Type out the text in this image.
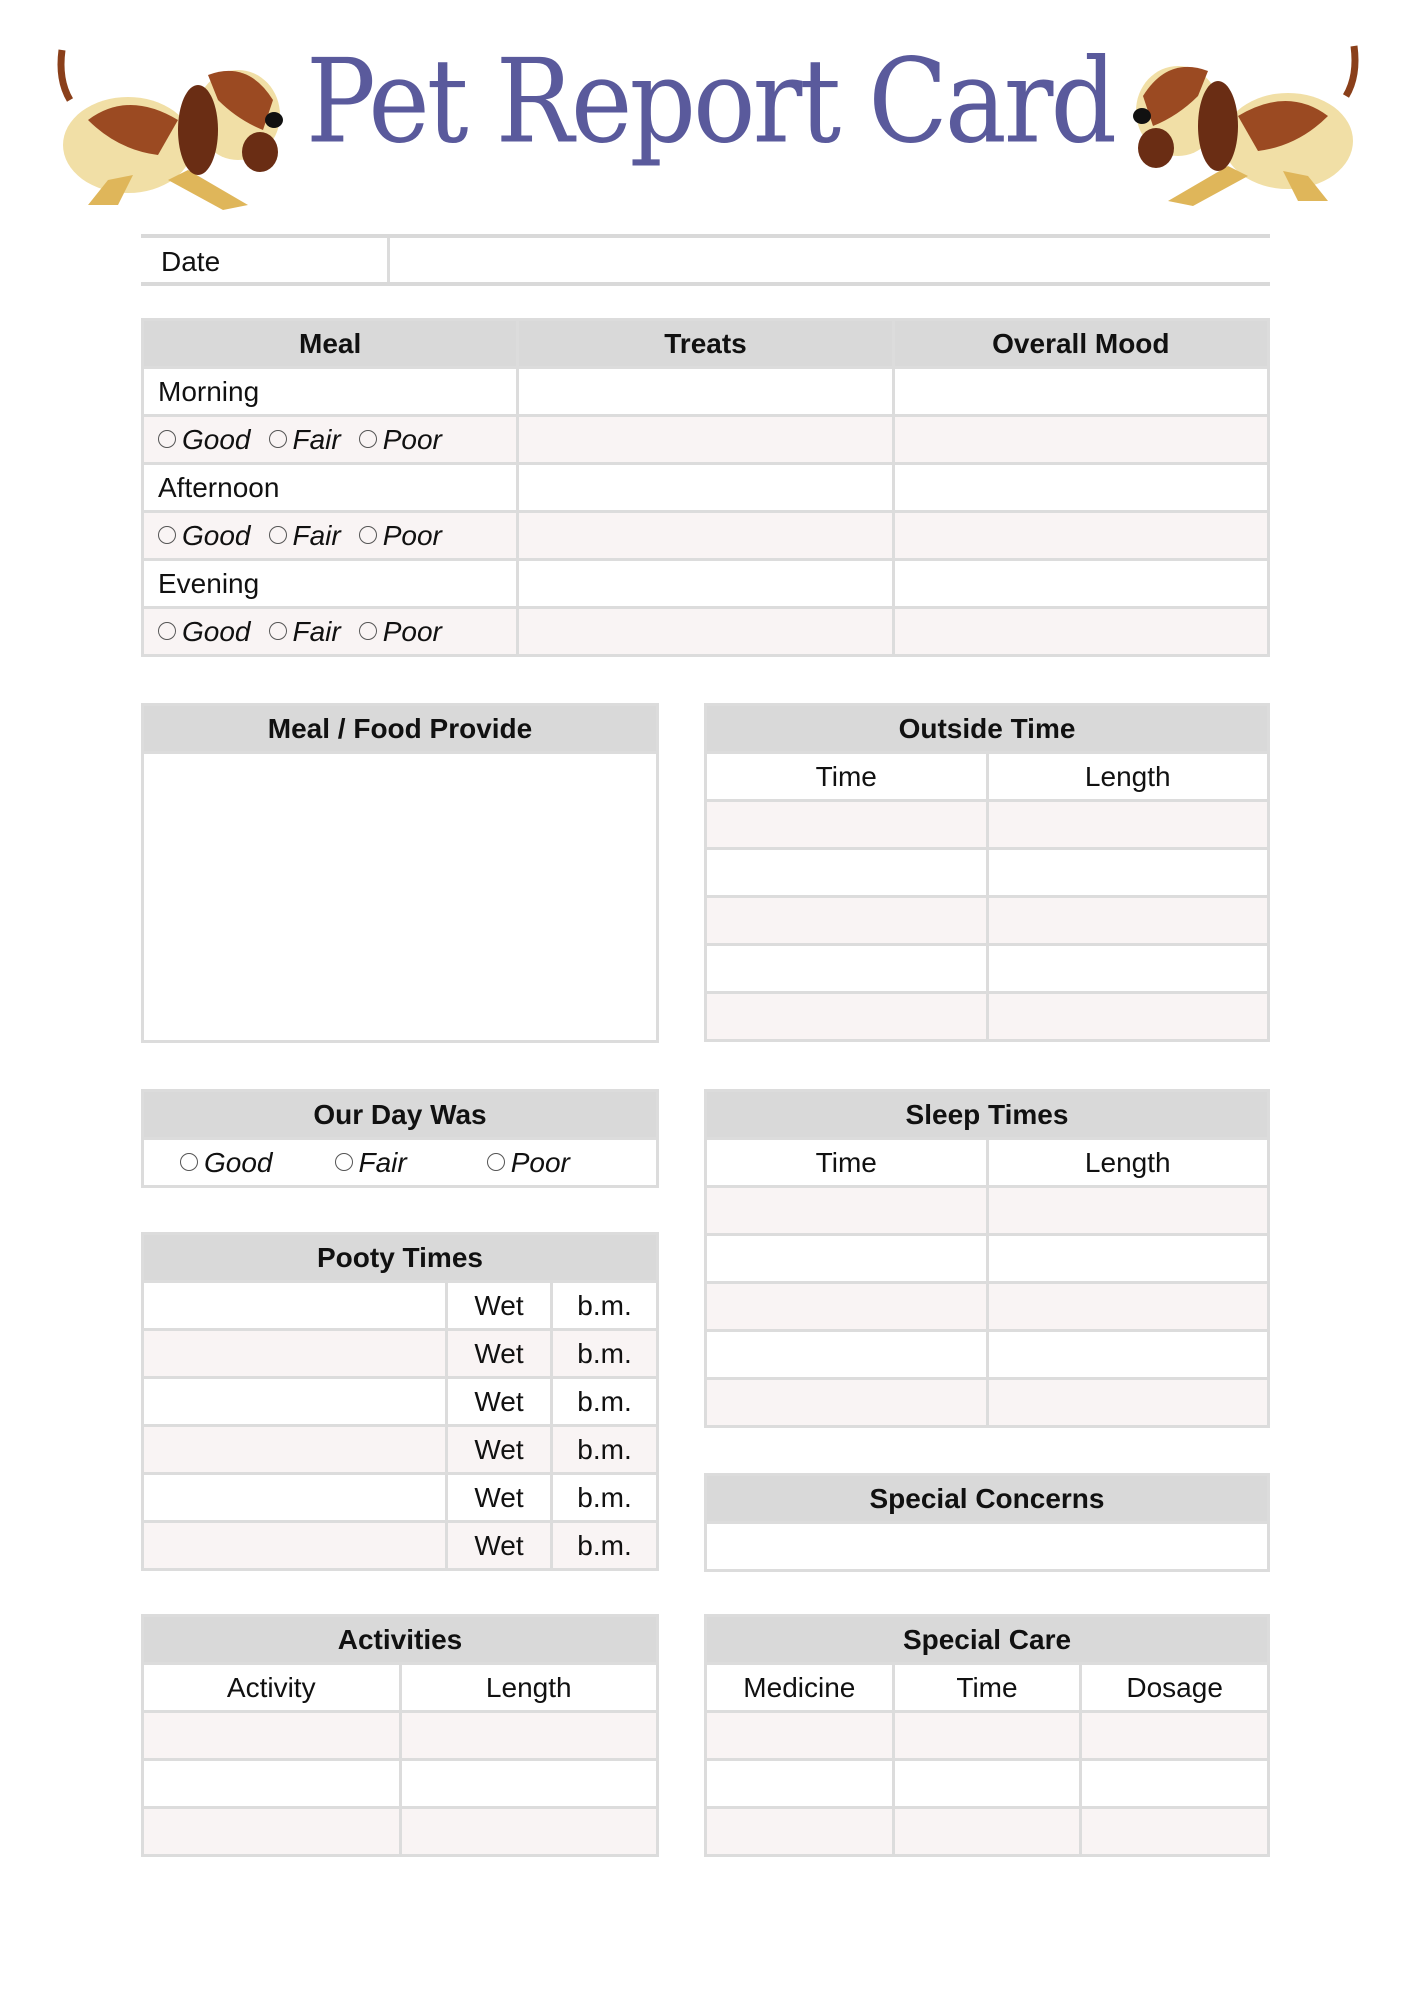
Pet Report Card
Date
Meal	Treats	Overall Mood
Morning		
Good Fair Poor		
Afternoon		
Good Fair Poor		
Evening		
Good Fair Poor		
Meal / Food Provide	Outside Time	
Time	Length

Our Day Was
Good	Fair	Poor
Sleep Times	
Time	Length

Pooty Times		
	Wet	b.m.
	Wet	b.m.
	Wet	b.m.
	Wet	b.m.
	Wet	b.m.
	Wet	b.m.
Special Concerns

Activities	
Activity	Length

Special Care		
Medicine	Time	Dosage
